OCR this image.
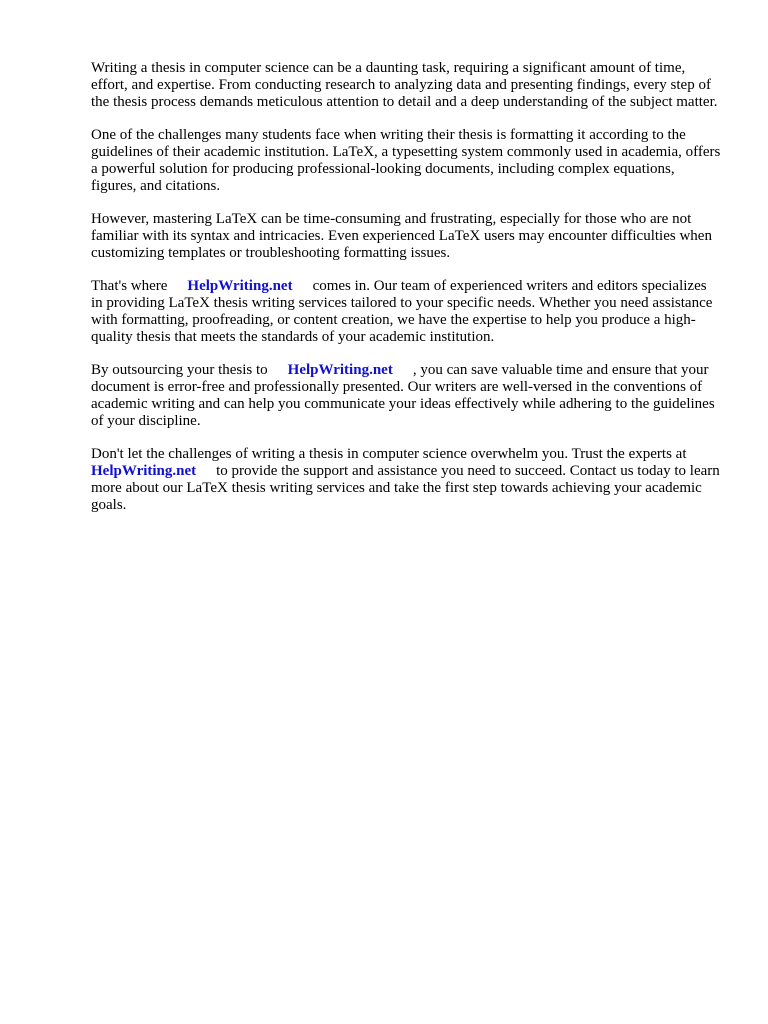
Writing a thesis in computer science can be a daunting task, requiring a significant amount of time, effort, and expertise. From conducting research to analyzing data and presenting findings, every step of the thesis process demands meticulous attention to detail and a deep understanding of the subject matter.

One of the challenges many students face when writing their thesis is formatting it according to the guidelines of their academic institution. LaTeX, a typesetting system commonly used in academia, offers a powerful solution for producing professional-looking documents, including complex equations, figures, and citations.

However, mastering LaTeX can be time-consuming and frustrating, especially for those who are not familiar with its syntax and intricacies. Even experienced LaTeX users may encounter difficulties when customizing templates or troubleshooting formatting issues.

That's where HelpWriting.net comes in. Our team of experienced writers and editors specializes in providing LaTeX thesis writing services tailored to your specific needs. Whether you need assistance with formatting, proofreading, or content creation, we have the expertise to help you produce a high-quality thesis that meets the standards of your academic institution.

By outsourcing your thesis to HelpWriting.net , you can save valuable time and ensure that your document is error-free and professionally presented. Our writers are well-versed in the conventions of academic writing and can help you communicate your ideas effectively while adhering to the guidelines of your discipline.

Don't let the challenges of writing a thesis in computer science overwhelm you. Trust the experts at HelpWriting.net to provide the support and assistance you need to succeed. Contact us today to learn more about our LaTeX thesis writing services and take the first step towards achieving your academic goals.
